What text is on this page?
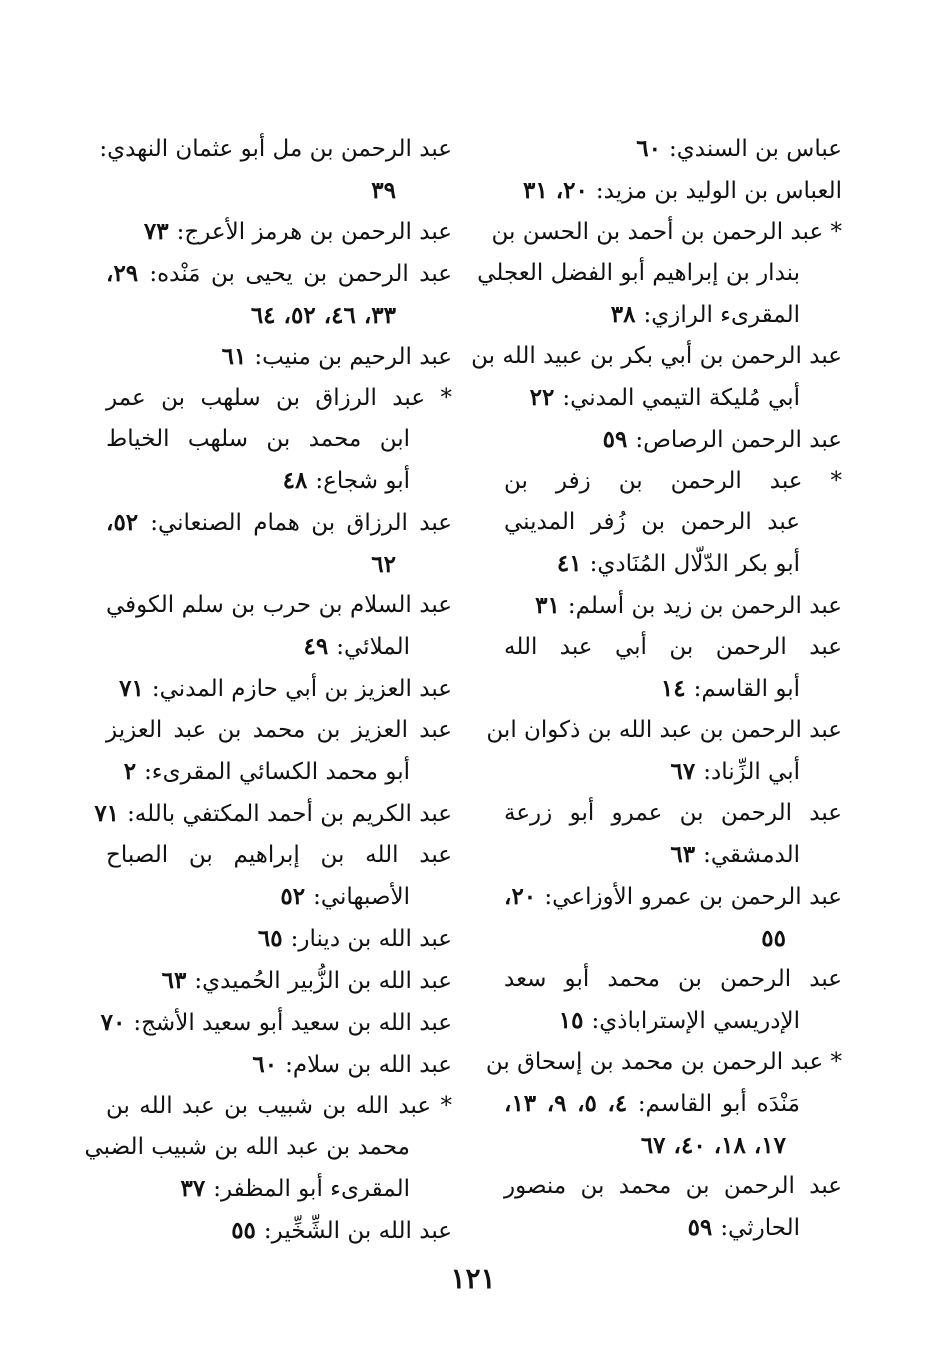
عباس بن السندي: ٦٠
العباس بن الوليد بن مزيد: ٢٠، ٣١
* عبد الرحمن بن أحمد بن الحسن بن
بندار بن إبراهيم أبو الفضل العجلي
المقرىء الرازي: ٣٨
عبد الرحمن بن أبي بكر بن عبيد الله بن
أبي مُليكة التيمي المدني: ٢٢
عبد الرحمن الرصاص: ٥٩
* عبد الرحمن بن زفر بن
عبد الرحمن بن زُفر المديني
أبو بكر الدّلّال المُنَادي: ٤١
عبد الرحمن بن زيد بن أسلم: ٣١
عبد الرحمن بن أبي عبد الله
أبو القاسم: ١٤
عبد الرحمن بن عبد الله بن ذكوان ابن
أبي الزِّناد: ٦٧
عبد الرحمن بن عمرو أبو زرعة
الدمشقي: ٦٣
عبد الرحمن بن عمرو الأوزاعي: ٢٠،
٥٥
عبد الرحمن بن محمد أبو سعد
الإدريسي الإستراباذي: ١٥
* عبد الرحمن بن محمد بن إسحاق بن
مَنْدَه أبو القاسم: ٤، ٥، ٩، ١٣،
١٧، ١٨، ٤٠، ٦٧
عبد الرحمن بن محمد بن منصور
الحارثي: ٥٩
عبد الرحمن بن مل أبو عثمان النهدي:
٣٩
عبد الرحمن بن هرمز الأعرج: ٧٣
عبد الرحمن بن يحيى بن مَنْده: ٢٩،
٣٣، ٤٦، ٥٢، ٦٤
عبد الرحيم بن منيب: ٦١
* عبد الرزاق بن سلهب بن عمر
ابن محمد بن سلهب الخياط
أبو شجاع: ٤٨
عبد الرزاق بن همام الصنعاني: ٥٢،
٦٢
عبد السلام بن حرب بن سلم الكوفي
الملائي: ٤٩
عبد العزيز بن أبي حازم المدني: ٧١
عبد العزيز بن محمد بن عبد العزيز
أبو محمد الكسائي المقرىء: ٢
عبد الكريم بن أحمد المكتفي بالله: ٧١
عبد الله بن إبراهيم بن الصباح
الأصبهاني: ٥٢
عبد الله بن دينار: ٦٥
عبد الله بن الزُّبير الحُميدي: ٦٣
عبد الله بن سعيد أبو سعيد الأشج: ٧٠
عبد الله بن سلام: ٦٠
* عبد الله بن شبيب بن عبد الله بن
محمد بن عبد الله بن شبيب الضبي
المقرىء أبو المظفر: ٣٧
عبد الله بن الشِّخِّير: ٥٥
١٢١
